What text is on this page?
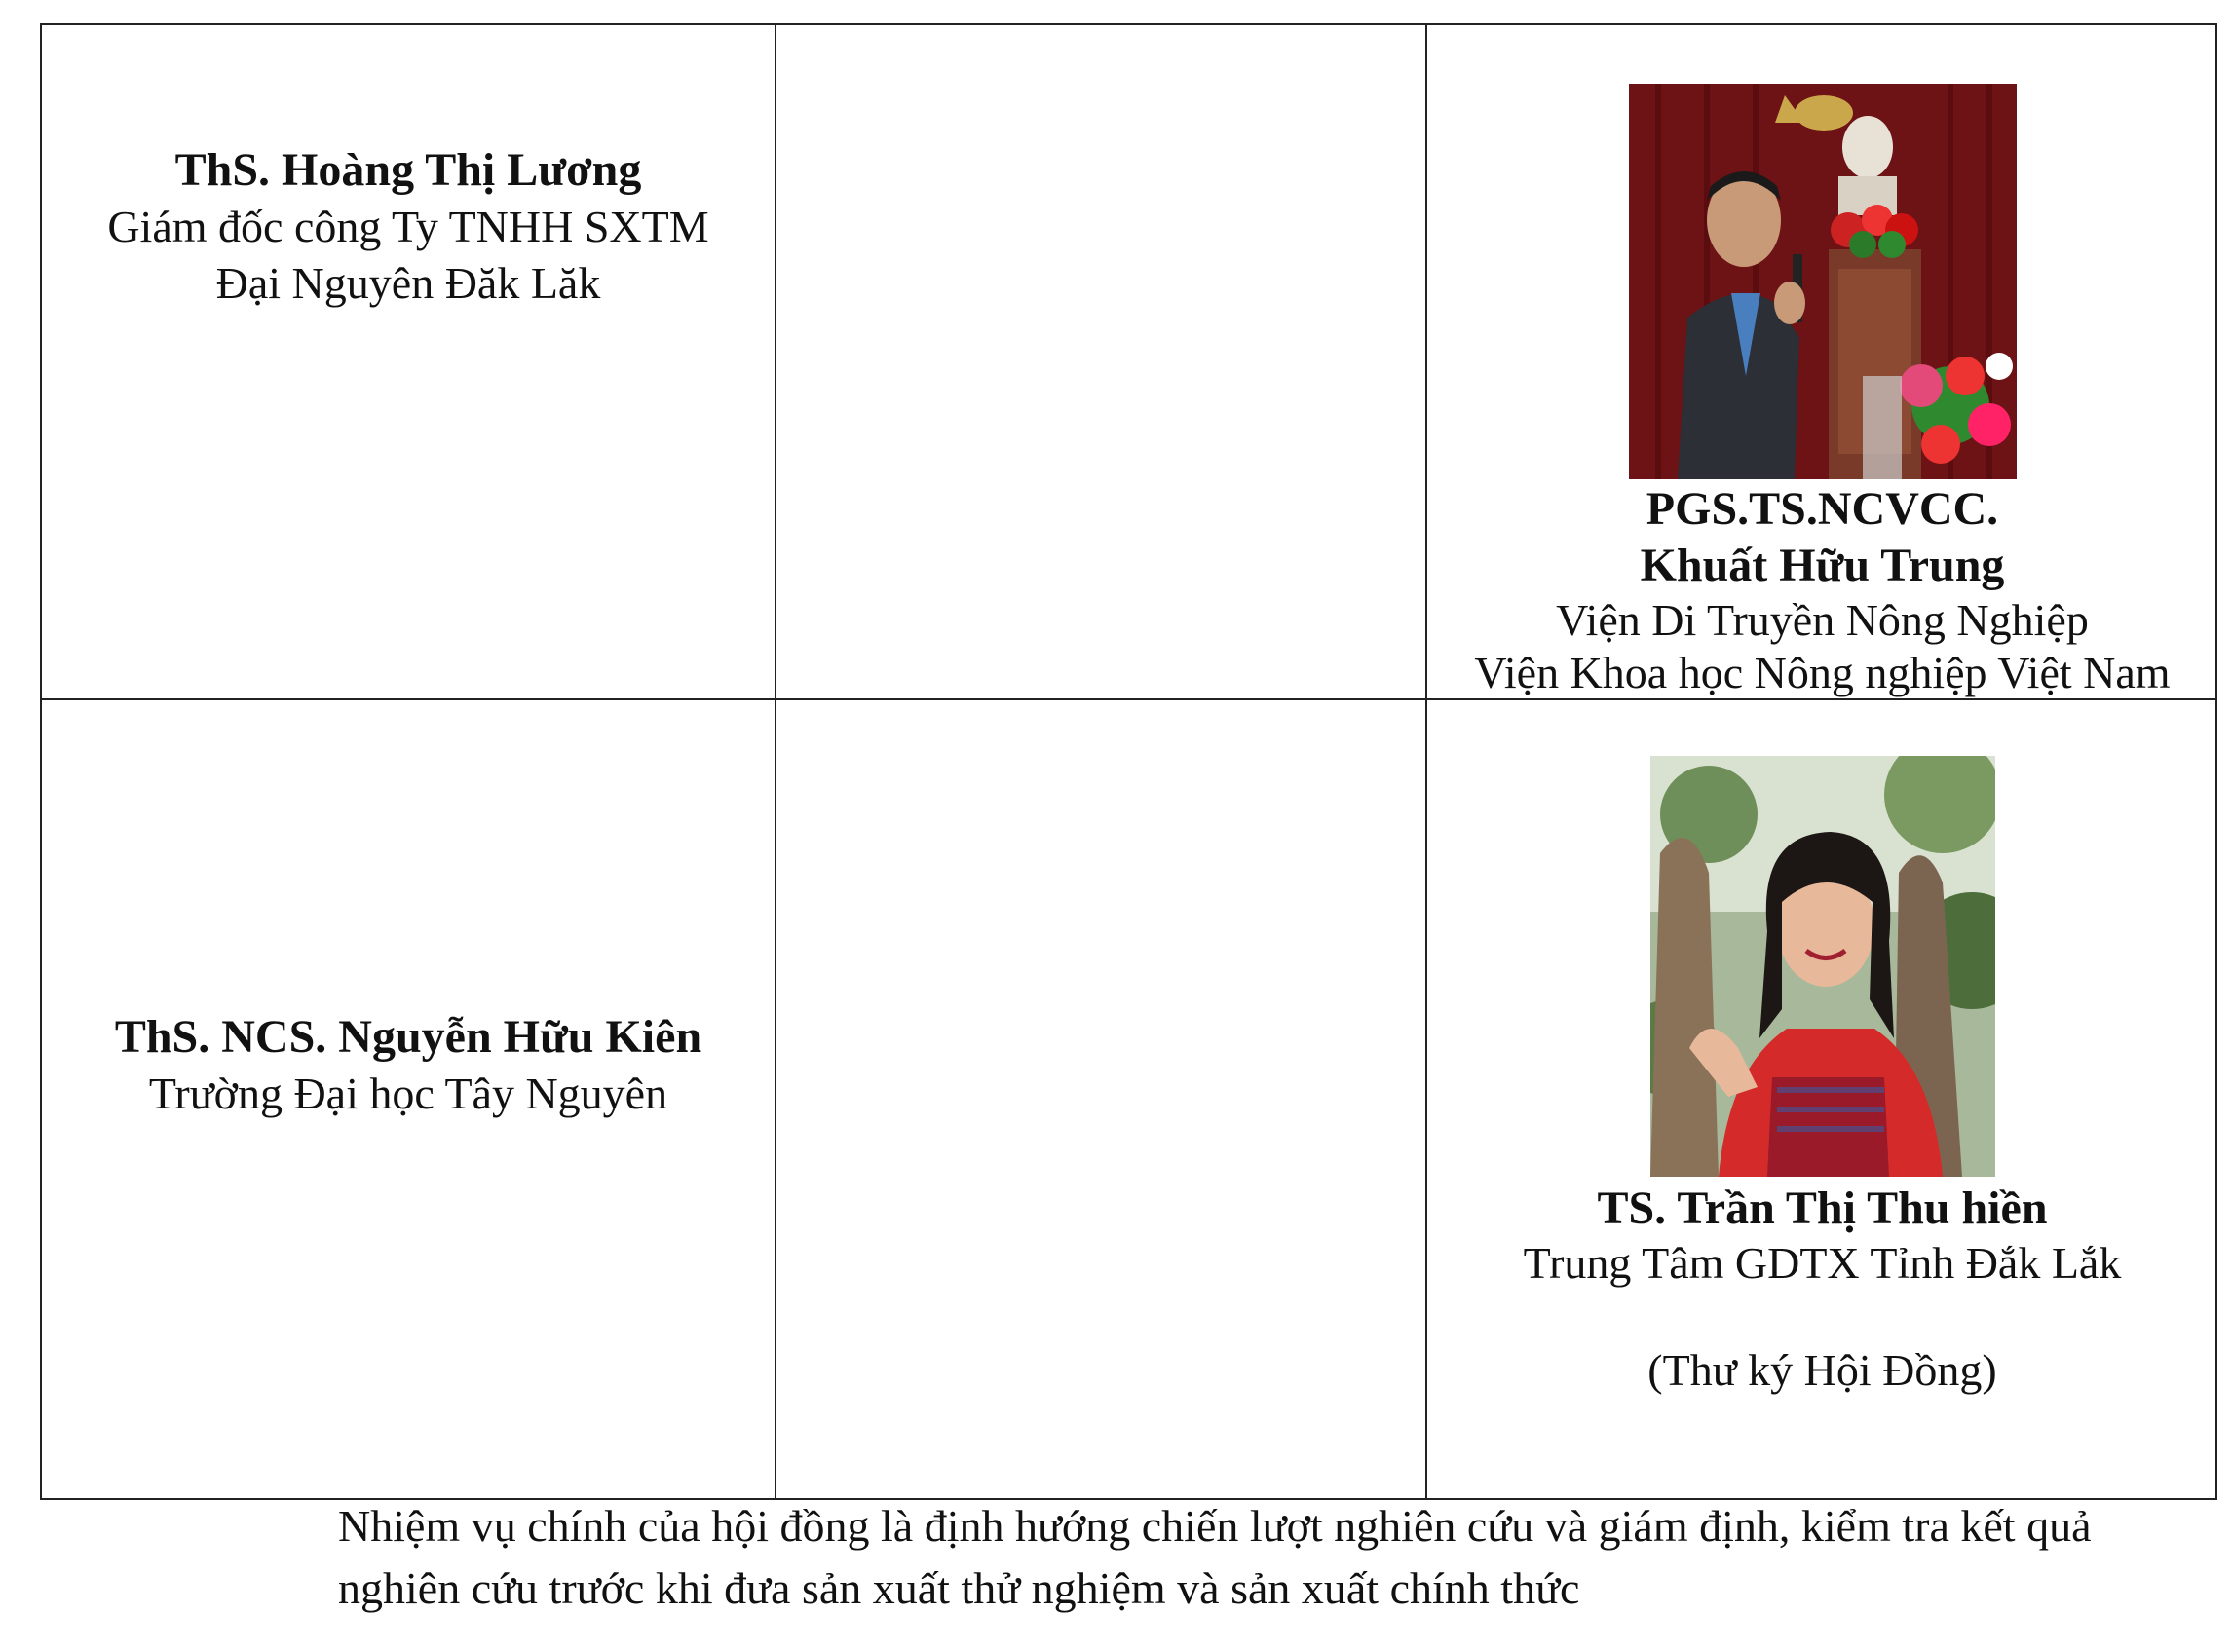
ThS. Hoàng Thị Lương
Giám đốc công Ty TNHH SXTM
Đại Nguyên Đăk Lăk
PGS.TS.NCVCC.
Khuất Hữu Trung
Viện Di Truyền Nông Nghiệp
Viện Khoa học Nông nghiệp Việt Nam
ThS. NCS. Nguyễn Hữu Kiên
Trường Đại học Tây Nguyên
TS. Trần Thị Thu hiền
Trung Tâm GDTX Tỉnh Đắk Lắk
(Thư ký Hội Đồng)
Nhiệm vụ chính của hội đồng là định hướng chiến lượt nghiên cứu và giám định, kiểm tra kết quả nghiên cứu trước khi đưa sản xuất thử nghiệm và sản xuất chính thức
